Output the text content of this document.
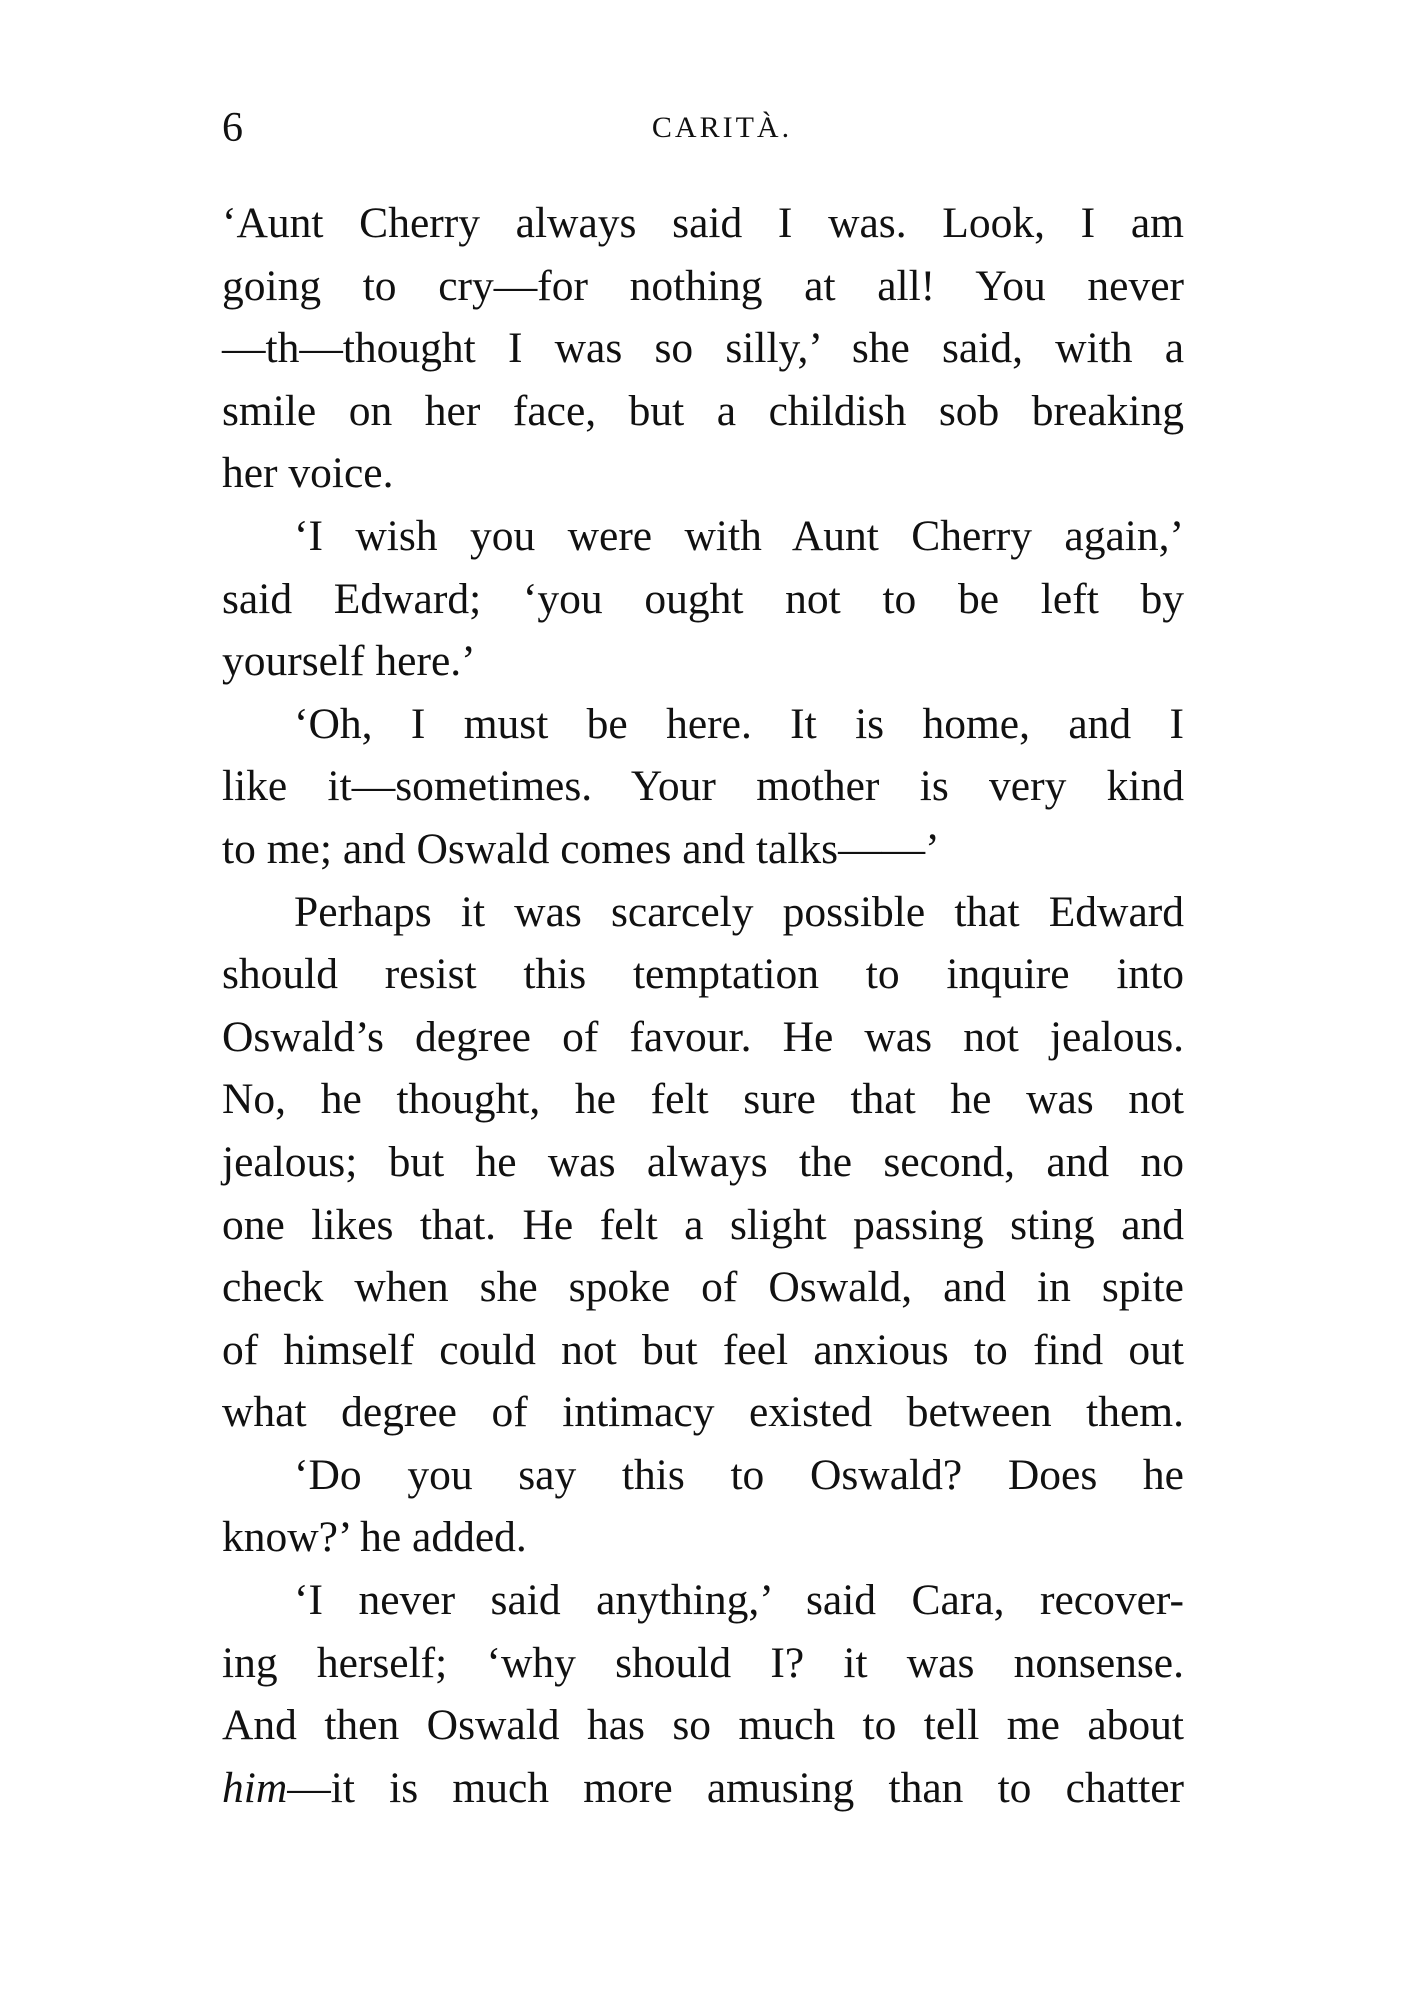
6	CARITÀ.
‘Aunt Cherry always said I was. Look, I am
going to cry—for nothing at all! You never
—th—thought I was so silly,’ she said, with a
smile on her face, but a childish sob breaking
her voice.
‘I wish you were with Aunt Cherry again,’
said Edward; ‘you ought not to be left by
yourself here.’
‘Oh, I must be here. It is home, and I
like it—sometimes. Your mother is very kind
to me; and Oswald comes and talks——’
Perhaps it was scarcely possible that Edward
should resist this temptation to inquire into
Oswald’s degree of favour. He was not jealous.
No, he thought, he felt sure that he was not
jealous; but he was always the second, and no
one likes that. He felt a slight passing sting and
check when she spoke of Oswald, and in spite
of himself could not but feel anxious to find out
what degree of intimacy existed between them.
‘Do you say this to Oswald? Does he
know?’ he added.
‘I never said anything,’ said Cara, recover-
ing herself; ‘why should I? it was nonsense.
And then Oswald has so much to tell me about
him—it is much more amusing than to chatter
